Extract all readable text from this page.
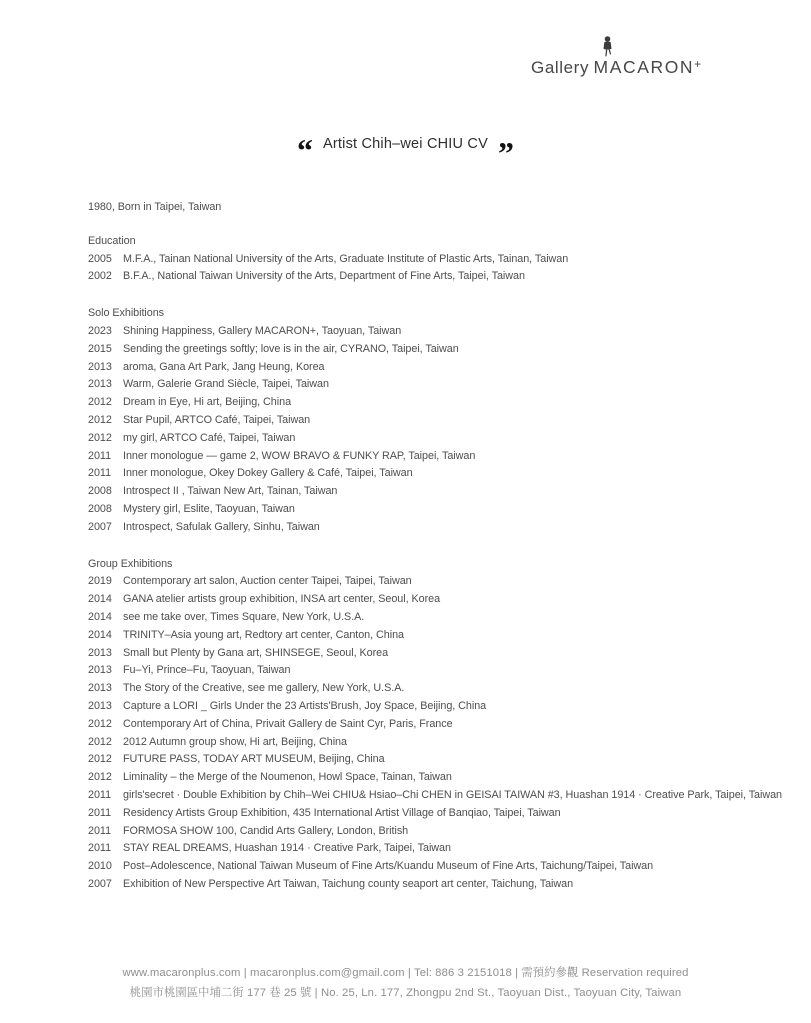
Gallery MACARON+
“ Artist Chih–wei CHIU CV ”
1980, Born in Taipei, Taiwan
Education
2005	M.F.A., Tainan National University of the Arts, Graduate Institute of Plastic Arts, Tainan, Taiwan
2002	B.F.A., National Taiwan University of the Arts, Department of Fine Arts, Taipei, Taiwan
Solo Exhibitions
2023	Shining Happiness, Gallery MACARON+, Taoyuan, Taiwan
2015	Sending the greetings softly; love is in the air, CYRANO, Taipei, Taiwan
2013	aroma, Gana Art Park, Jang Heung, Korea
2013	Warm, Galerie Grand Siècle, Taipei, Taiwan
2012	Dream in Eye, Hi art, Beijing, China
2012	Star Pupil, ARTCO Café, Taipei, Taiwan
2012	my girl, ARTCO Café, Taipei, Taiwan
2011	Inner monologue — game 2, WOW BRAVO & FUNKY RAP, Taipei, Taiwan
2011	Inner monologue, Okey Dokey Gallery & Café, Taipei, Taiwan
2008	Introspect II , Taiwan New Art, Tainan, Taiwan
2008	Mystery girl, Eslite, Taoyuan, Taiwan
2007	Introspect, Safulak Gallery, Sinhu, Taiwan
Group Exhibitions
2019	Contemporary art salon, Auction center Taipei, Taipei, Taiwan
2014	GANA atelier artists group exhibition, INSA art center, Seoul, Korea
2014	see me take over, Times Square, New York, U.S.A.
2014	TRINITY–Asia young art, Redtory art center, Canton, China
2013	Small but Plenty by Gana art, SHINSEGE, Seoul, Korea
2013	Fu–Yi, Prince–Fu, Taoyuan, Taiwan
2013	The Story of the Creative, see me gallery, New York, U.S.A.
2013	Capture a LORI _ Girls Under the 23 Artists'Brush, Joy Space, Beijing, China
2012	Contemporary Art of China, Privait Gallery de Saint Cyr, Paris, France
2012	2012 Autumn group show, Hi art, Beijing, China
2012	FUTURE PASS, TODAY ART MUSEUM, Beijing, China
2012	Liminality – the Merge of the Noumenon, Howl Space, Tainan, Taiwan
2011	girls'secret · Double Exhibition by Chih–Wei CHIU& Hsiao–Chi CHEN in GEISAI TAIWAN #3, Huashan 1914 · Creative Park, Taipei, Taiwan
2011	Residency Artists Group Exhibition, 435 International Artist Village of Banqiao, Taipei, Taiwan
2011	FORMOSA SHOW 100, Candid Arts Gallery, London, British
2011	STAY REAL DREAMS, Huashan 1914 · Creative Park, Taipei, Taiwan
2010	Post–Adolescence, National Taiwan Museum of Fine Arts/Kuandu Museum of Fine Arts, Taichung/Taipei, Taiwan
2007	Exhibition of New Perspective Art Taiwan, Taichung county seaport art center, Taichung, Taiwan
www.macaronplus.com | macaronplus.com@gmail.com | Tel: 886 3 2151018 | 需預約參觀 Reservation required
桃園市桃園區中埔二街 177 巷 25 號 | No. 25, Ln. 177, Zhongpu 2nd St., Taoyuan Dist., Taoyuan City, Taiwan
